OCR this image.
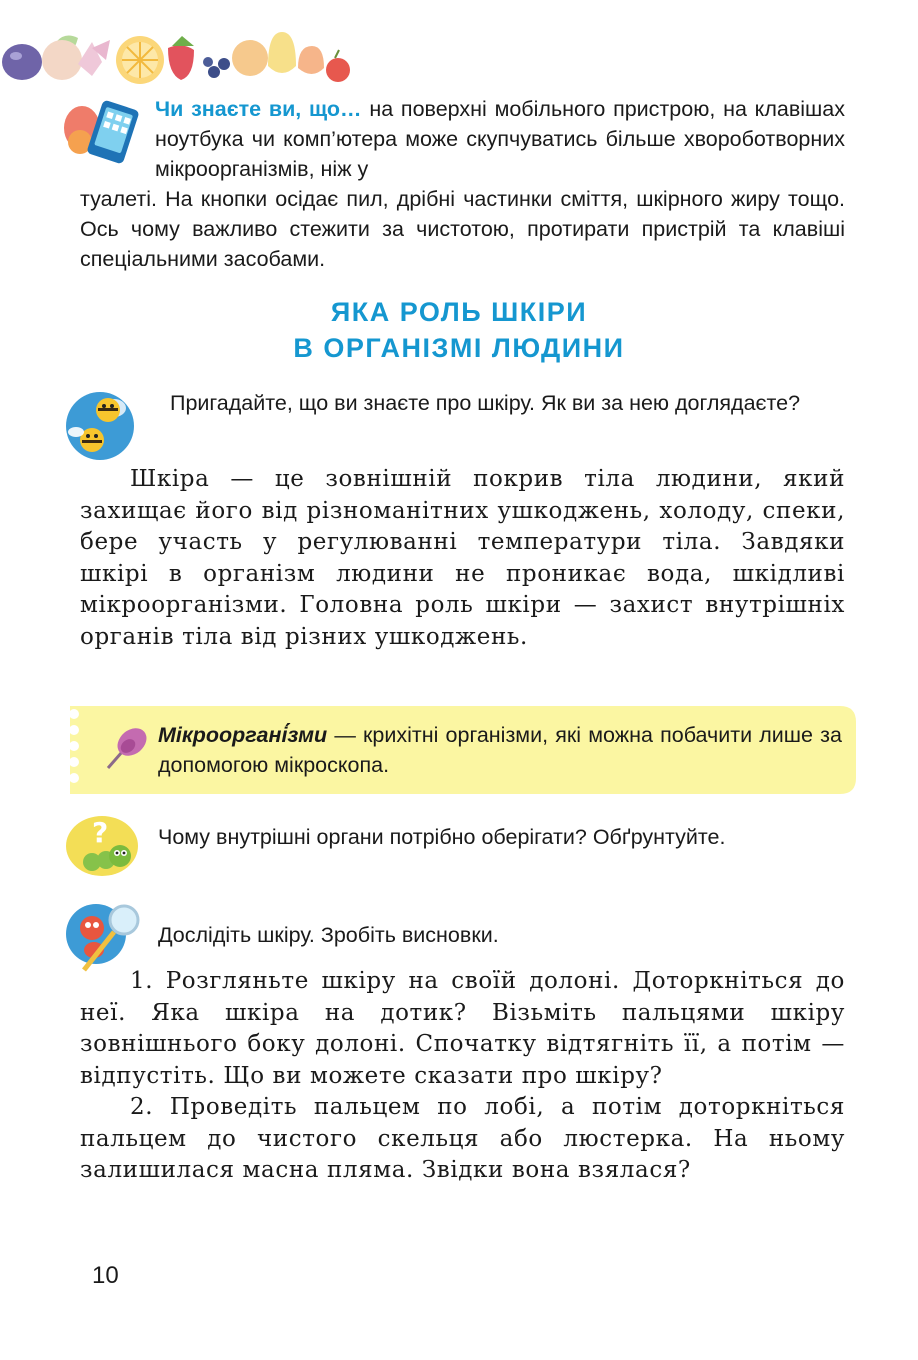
Чи знаєте ви, що… на поверхні мобільного пристрою, на клавішах ноутбука чи комп’ютера може скупчуватись більше хвороботворних мікроорганізмів, ніж у
туалеті. На кнопки осідає пил, дрібні частинки сміття, шкірного жиру тощо. Ось чому важливо стежити за чистотою, протирати пристрій та клавіші спеціальними засобами.
ЯКА РОЛЬ ШКІРИ
В ОРГАНІЗМІ ЛЮДИНИ
Пригадайте, що ви знаєте про шкіру. Як ви за нею доглядаєте?

Шкіра — це зовнішній покрив тіла людини, який захищає його від різноманітних ушкоджень, холоду, спеки, бере участь у регулюванні температури тіла. Завдяки шкірі в організм людини не проникає вода, шкідливі мікроорганізми. Головна роль шкіри — захист внутрішніх органів тіла від різних ушкоджень.

Мікрооргані́зми — крихітні організми, які можна побачити лише за допомогою мікроскопа.
? Чому внутрішні органи потрібно оберігати? Обґрунтуйте.
Дослідіть шкіру. Зробіть висновки.

1. Розгляньте шкіру на своїй долоні. Доторкніться до неї. Яка шкіра на дотик? Візьміть пальцями шкіру зовнішнього боку долоні. Спочатку відтягніть її, а потім — відпустіть. Що ви можете сказати про шкіру?

2. Проведіть пальцем по лобі, а потім доторкніться пальцем до чистого скельця або люстерка. На ньому залишилася масна пляма. Звідки вона взялася?

10
